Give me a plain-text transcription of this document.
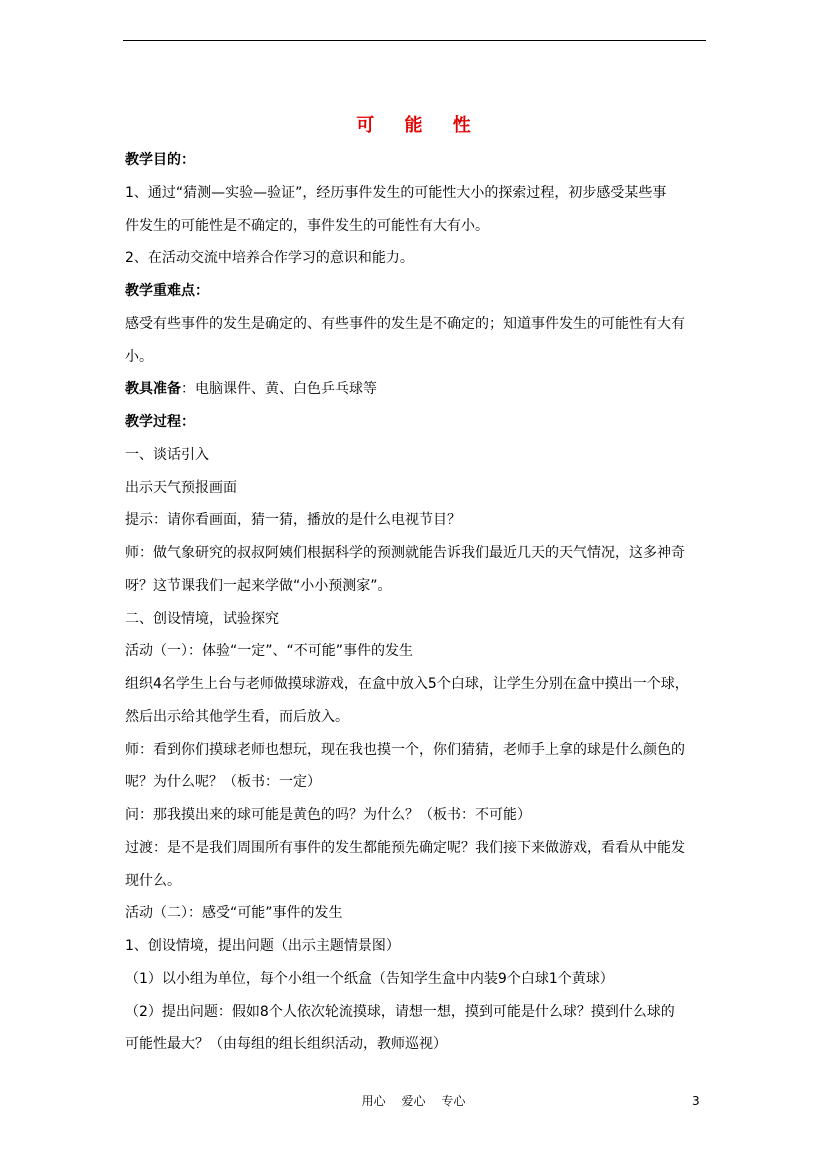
可 能 性
教学目的：
1、通过“猜测—实验—验证”，经历事件发生的可能性大小的探索过程，初步感受某些事
件发生的可能性是不确定的，事件发生的可能性有大有小。
2、在活动交流中培养合作学习的意识和能力。
教学重难点：
感受有些事件的发生是确定的、有些事件的发生是不确定的；知道事件发生的可能性有大有
小。
教具准备：电脑课件、黄、白色乒乓球等
教学过程：
一、谈话引入
出示天气预报画面
提示：请你看画面，猜一猜，播放的是什么电视节目？
师：做气象研究的叔叔阿姨们根据科学的预测就能告诉我们最近几天的天气情况，这多神奇
呀？这节课我们一起来学做“小小预测家”。
二、创设情境，试验探究
活动（一）：体验“一定”、“不可能”事件的发生
组织4名学生上台与老师做摸球游戏，在盒中放入5个白球，让学生分别在盒中摸出一个球，
然后出示给其他学生看，而后放入。
师：看到你们摸球老师也想玩，现在我也摸一个，你们猜猜，老师手上拿的球是什么颜色的
呢？为什么呢？（板书：一定）
问：那我摸出来的球可能是黄色的吗？为什么？（板书：不可能）
过渡：是不是我们周围所有事件的发生都能预先确定呢？我们接下来做游戏，看看从中能发
现什么。
活动（二）：感受“可能”事件的发生
1、创设情境，提出问题（出示主题情景图）
（1）以小组为单位，每个小组一个纸盒（告知学生盒中内装9个白球1个黄球）
（2）提出问题：假如8个人依次轮流摸球，请想一想，摸到可能是什么球？摸到什么球的
可能性最大？（由每组的组长组织活动，教师巡视）
用心 爱心 专心	3
